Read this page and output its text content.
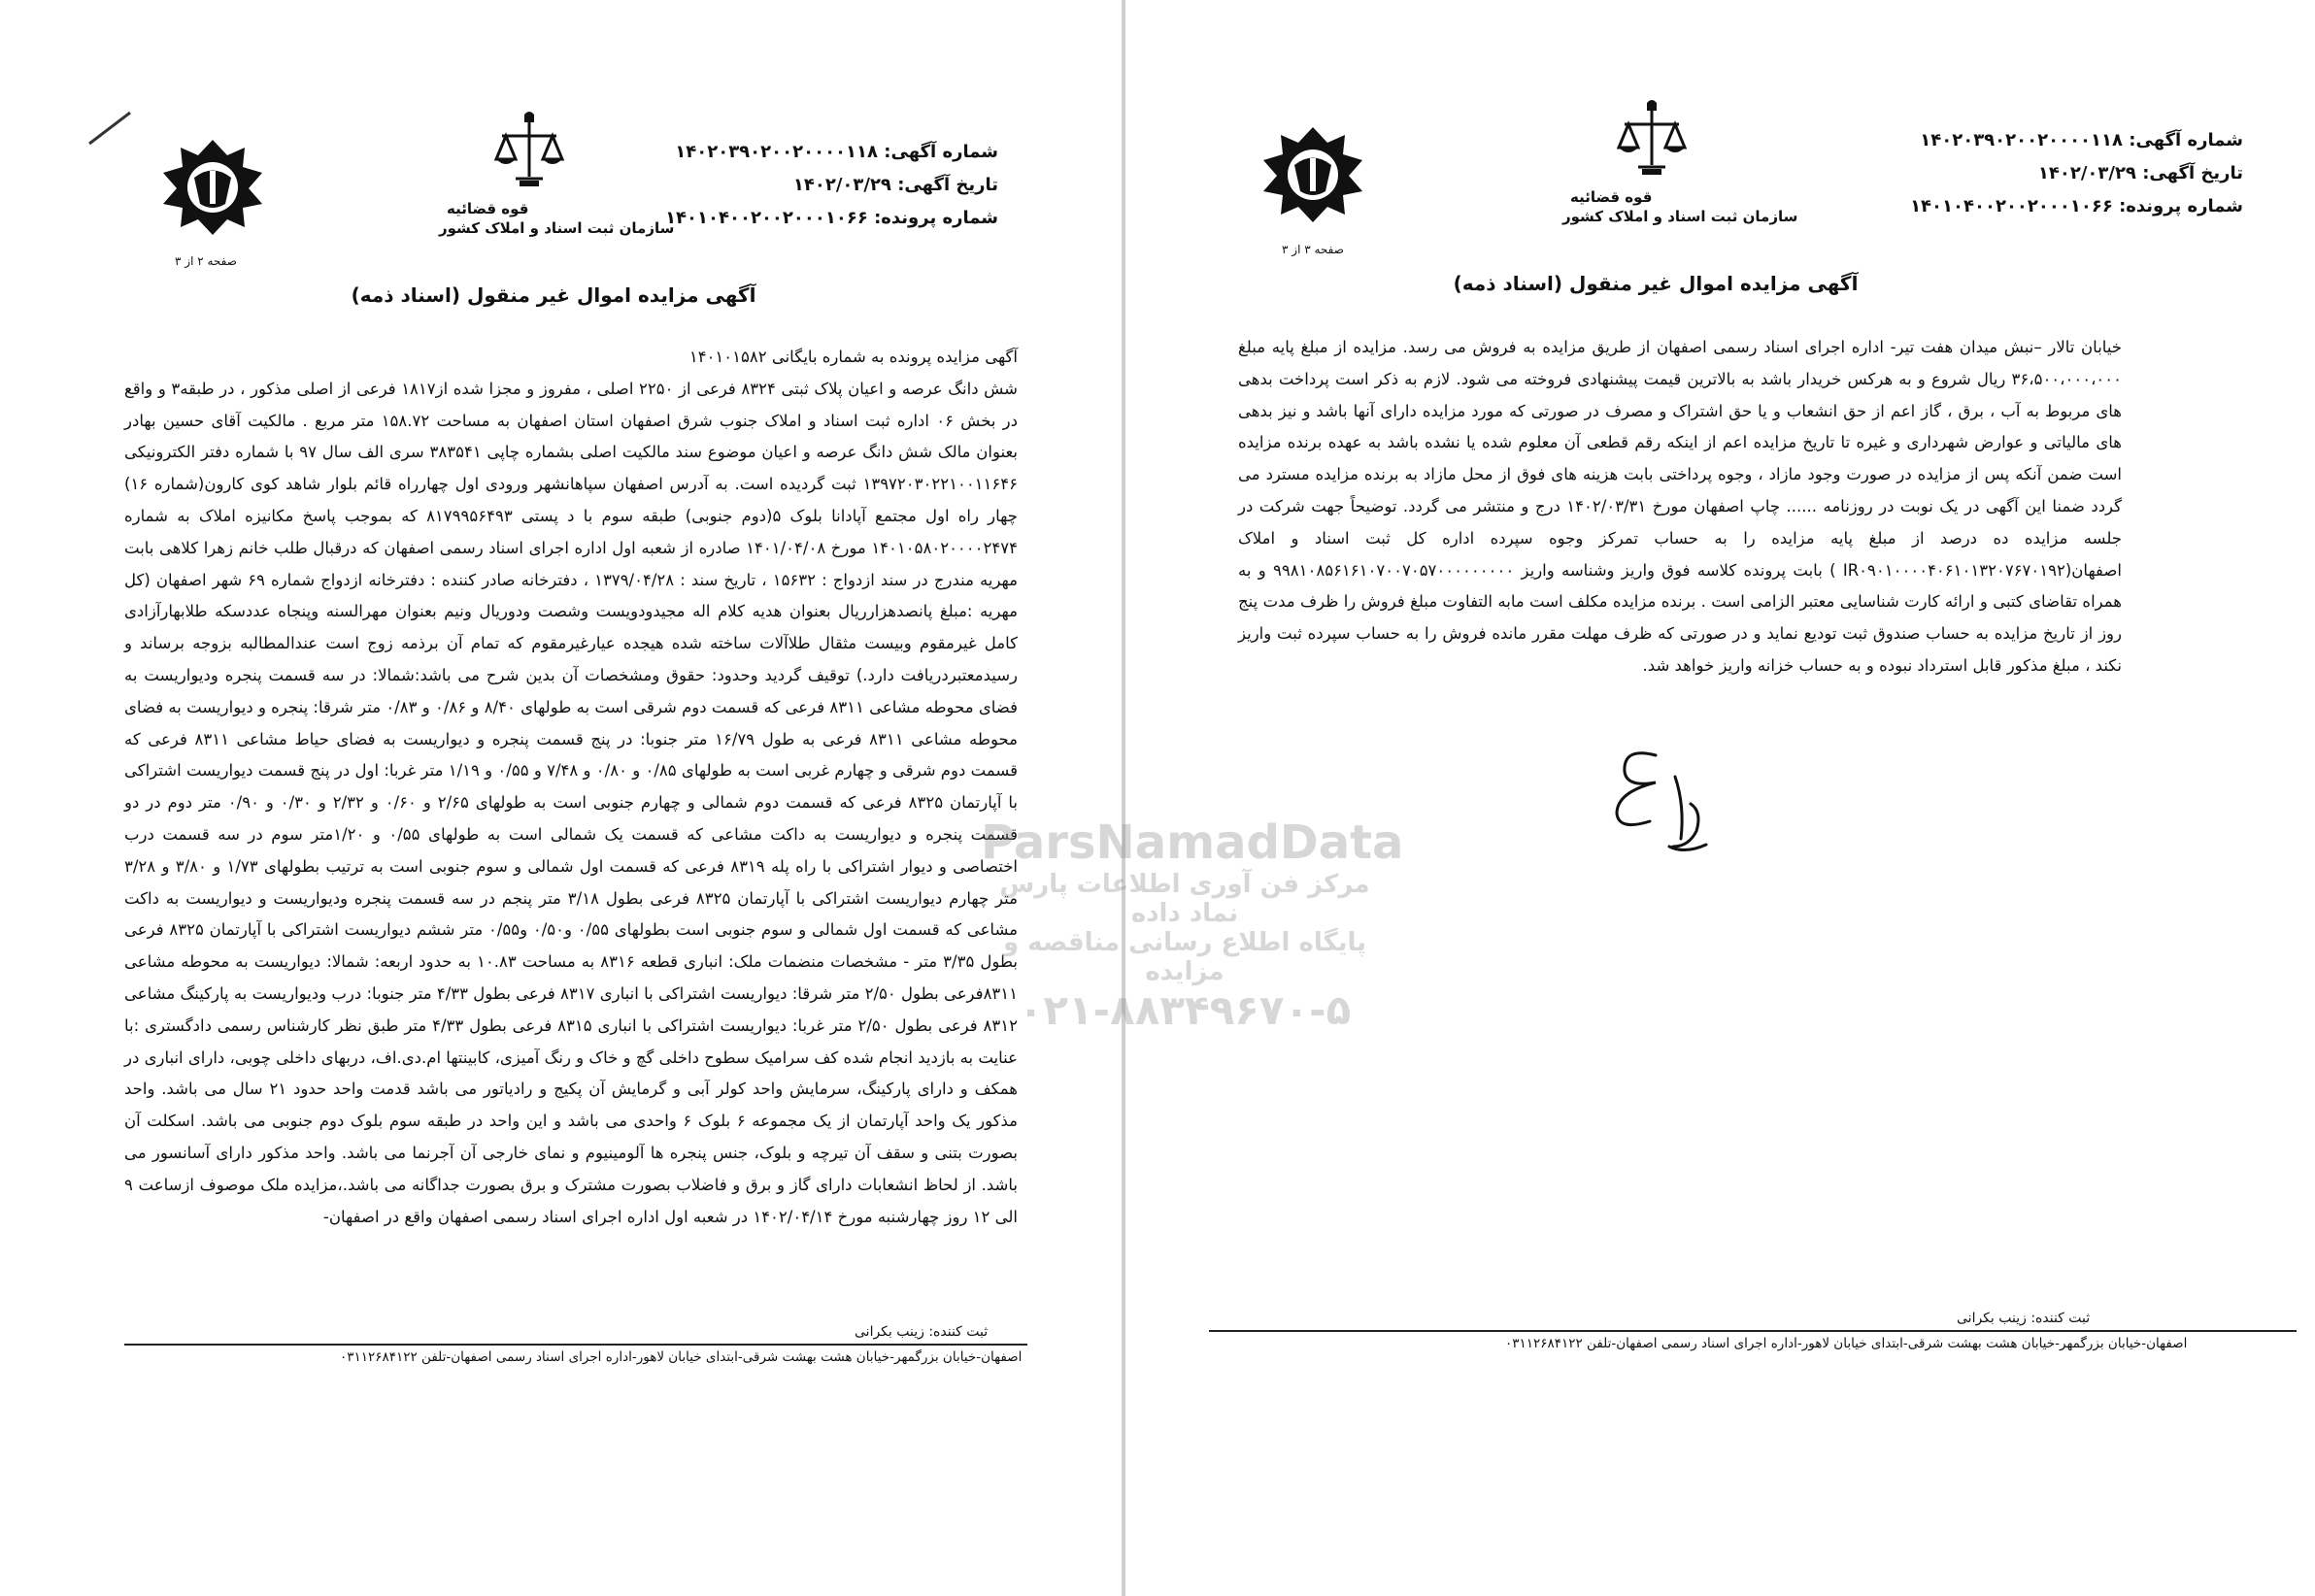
قوه قضائیه
سازمان ثبت اسناد و املاک کشور
صفحه ۲ از ۳
شماره آگهی: ۱۴۰۲۰۳۹۰۲۰۰۲۰۰۰۰۱۱۸
تاریخ آگهی: ۱۴۰۲/۰۳/۲۹
شماره پرونده: ۱۴۰۱۰۴۰۰۲۰۰۲۰۰۰۱۰۶۶
آگهی مزایده اموال غیر منقول (اسناد ذمه)

آگهی مزایده پرونده به شماره بایگانی ۱۴۰۱۰۱۵۸۲

شش دانگ عرصه و اعیان پلاک ثبتی ۸۳۲۴ فرعی از ۲۲۵۰ اصلی ، مفروز و مجزا شده از۱۸۱۷ فرعی از اصلی مذکور ، در طبقه۳ و واقع در بخش ۰۶ اداره ثبت اسناد و املاک جنوب شرق اصفهان استان اصفهان به مساحت ۱۵۸.۷۲ متر مربع . مالکیت آقای حسین بهادر بعنوان مالک شش دانگ عرصه و اعیان موضوع سند مالکیت اصلی بشماره چاپی ۳۸۳۵۴۱ سری الف سال ۹۷ با شماره دفتر الکترونیکی ۱۳۹۷۲۰۳۰۲۲۱۰۰۱۱۶۴۶ ثبت گردیده است. به آدرس اصفهان سپاهانشهر ورودی اول چهارراه قائم بلوار شاهد کوی کارون(شماره ۱۶) چهار راه اول مجتمع آپادانا بلوک ۵(دوم جنوبی) طبقه سوم با د پستی ۸۱۷۹۹۵۶۴۹۳ که بموجب پاسخ مکانیزه املاک به شماره ۱۴۰۱۰۵۸۰۲۰۰۰۰۲۴۷۴ مورخ ۱۴۰۱/۰۴/۰۸ صادره از شعبه اول اداره اجرای اسناد رسمی اصفهان که درقبال طلب خانم زهرا کلاهی بابت مهریه مندرج در سند ازدواج : ۱۵۶۳۲ ، تاریخ سند : ۱۳۷۹/۰۴/۲۸ ، دفترخانه صادر کننده : دفترخانه ازدواج شماره ۶۹ شهر اصفهان (کل مهریه :مبلغ پانصدهزارریال بعنوان هدیه کلام اله مجیدودویست وشصت ودوریال ونیم بعنوان مهرالسنه وپنجاه عددسکه طلابهارآزادی کامل غیرمقوم وبیست مثقال طلاآلات ساخته شده هیجده عیارغیرمقوم که تمام آن برذمه زوج است عندالمطالبه بزوجه برساند و رسیدمعتبردریافت دارد.) توقیف گردید وحدود: حقوق ومشخصات آن بدین شرح می باشد:شمالا: در سه قسمت پنجره ودیواریست به فضای محوطه مشاعی ۸۳۱۱ فرعی که قسمت دوم شرقی است به طولهای ۸/۴۰ و ۰/۸۶ و ۰/۸۳ متر شرقا: پنجره و دیواریست به فضای محوطه مشاعی ۸۳۱۱ فرعی به طول ۱۶/۷۹ متر جنوبا: در پنج قسمت پنجره و دیواریست به فضای حیاط مشاعی ۸۳۱۱ فرعی که قسمت دوم شرقی و چهارم غربی است به طولهای ۰/۸۵ و ۰/۸۰ و ۷/۴۸ و ۰/۵۵ و ۱/۱۹ متر غربا: اول در پنج قسمت دیواریست اشتراکی با آپارتمان ۸۳۲۵ فرعی که قسمت دوم شمالی و چهارم جنوبی است به طولهای ۲/۶۵ و ۰/۶۰ و ۲/۳۲ و ۰/۳۰ و ۰/۹۰ متر دوم در دو قسمت پنجره و دیواریست به داکت مشاعی که قسمت یک شمالی است به طولهای ۰/۵۵ و ۱/۲۰متر سوم در سه قسمت درب اختصاصی و دیوار اشتراکی با راه پله ۸۳۱۹ فرعی که قسمت اول شمالی و سوم جنوبی است به ترتیب بطولهای ۱/۷۳ و ۳/۸۰ و ۳/۲۸ متر چهارم دیواریست اشتراکی با آپارتمان ۸۳۲۵ فرعی بطول ۳/۱۸ متر پنجم در سه قسمت پنجره ودیواریست و دیواریست به داکت مشاعی که قسمت اول شمالی و سوم جنوبی است بطولهای ۰/۵۵ و۰/۵۰ و۰/۵۵ متر ششم دیواریست اشتراکی با آپارتمان ۸۳۲۵ فرعی بطول ۳/۳۵ متر - مشخصات منضمات ملک: انباری قطعه ۸۳۱۶ به مساحت ۱۰.۸۳ به حدود اربعه: شمالا: دیواریست به محوطه مشاعی ۸۳۱۱فرعی بطول ۲/۵۰ متر شرقا: دیواریست اشتراکی با انباری ۸۳۱۷ فرعی بطول ۴/۳۳ متر جنوبا: درب ودیواریست به پارکینگ مشاعی ۸۳۱۲ فرعی بطول ۲/۵۰ متر غربا: دیواریست اشتراکی با انباری ۸۳۱۵ فرعی بطول ۴/۳۳ متر طبق نظر کارشناس رسمی دادگستری :با عنایت به بازدید انجام شده کف سرامیک سطوح داخلی گچ و خاک و رنگ آمیزی، کابینتها ام.دی.اف، دربهای داخلی چوبی، دارای انباری در همکف و دارای پارکینگ، سرمایش واحد کولر آبی و گرمایش آن پکیج و رادیاتور می باشد قدمت واحد حدود ۲۱ سال می باشد. واحد مذکور یک واحد آپارتمان از یک مجموعه ۶ بلوک ۶ واحدی می باشد و این واحد در طبقه سوم بلوک دوم جنوبی می باشد. اسکلت آن بصورت بتنی و سقف آن تیرچه و بلوک، جنس پنجره ها آلومینیوم و نمای خارجی آن آجرنما می باشد. واحد مذکور دارای آسانسور می باشد. از لحاظ انشعابات دارای گاز و برق و فاضلاب بصورت مشترک و برق بصورت جداگانه می باشد.،مزایده ملک موصوف ازساعت ۹ الی ۱۲ روز چهارشنبه مورخ ۱۴۰۲/۰۴/۱۴ در شعبه اول اداره اجرای اسناد رسمی اصفهان واقع در اصفهان-

ثبت کننده: زینب بکرانی
اصفهان-خیابان بزرگمهر-خیابان هشت بهشت شرقی-ابتدای خیابان لاهور-اداره اجرای اسناد رسمی اصفهان-تلفن ۰۳۱۱۲۶۸۴۱۲۲
قوه قضائیه
سازمان ثبت اسناد و املاک کشور
صفحه ۳ از ۳
شماره آگهی: ۱۴۰۲۰۳۹۰۲۰۰۲۰۰۰۰۱۱۸
تاریخ آگهی: ۱۴۰۲/۰۳/۲۹
شماره پرونده: ۱۴۰۱۰۴۰۰۲۰۰۲۰۰۰۱۰۶۶
آگهی مزایده اموال غیر منقول (اسناد ذمه)

خیابان تالار –نبش میدان هفت تیر- اداره اجرای اسناد رسمی اصفهان از طریق مزایده به فروش می رسد. مزایده از مبلغ پایه مبلغ ۳۶،۵۰۰،۰۰۰،۰۰۰ ریال شروع و به هرکس خریدار باشد به بالاترین قیمت پیشنهادی فروخته می شود. لازم به ذکر است پرداخت بدهی های مربوط به آب ، برق ، گاز اعم از حق انشعاب و یا حق اشتراک و مصرف در صورتی که مورد مزایده دارای آنها باشد و نیز بدهی های مالیاتی و عوارض شهرداری و غیره تا تاریخ مزایده اعم از اینکه رقم قطعی آن معلوم شده یا نشده باشد به عهده برنده مزایده است ضمن آنکه پس از مزایده در صورت وجود مازاد ، وجوه پرداختی بابت هزینه های فوق از محل مازاد به برنده مزایده مسترد می گردد ضمنا این آگهی در یک نوبت در روزنامه ...... چاپ اصفهان مورخ ۱۴۰۲/۰۳/۳۱ درج و منتشر می گردد. توضیحاً جهت شرکت در جلسه مزایده ده درصد از مبلغ پایه مزایده را به حساب تمرکز وجوه سپرده اداره کل ثبت اسناد و املاک اصفهان(IR۰۹۰۱۰۰۰۰۴۰۶۱۰۱۳۲۰۷۶۷۰۱۹۲ ) بابت پرونده کلاسه فوق واریز وشناسه واریز ۹۹۸۱۰۸۵۶۱۶۱۰۷۰۰۷۰۵۷۰۰۰۰۰۰۰۰۰ و به همراه تقاضای کتبی و ارائه کارت شناسایی معتبر الزامی است . برنده مزایده مکلف است مابه التفاوت مبلغ فروش را ظرف مدت پنج روز از تاریخ مزایده به حساب صندوق ثبت تودیع نماید و در صورتی که ظرف مهلت مقرر مانده فروش را به حساب سپرده ثبت واریز نکند ، مبلغ مذکور قابل استرداد نبوده و به حساب خزانه واریز خواهد شد.

ثبت کننده: زینب بکرانی
اصفهان-خیابان بزرگمهر-خیابان هشت بهشت شرقی-ابتدای خیابان لاهور-اداره اجرای اسناد رسمی اصفهان-تلفن ۰۳۱۱۲۶۸۴۱۲۲
ParsNamadData
مرکز فن آوری اطلاعات پارس نماد داده
پایگاه اطلاع رسانی مناقصه و مزایده
۰۲۱-۸۸۳۴۹۶۷۰-۵
